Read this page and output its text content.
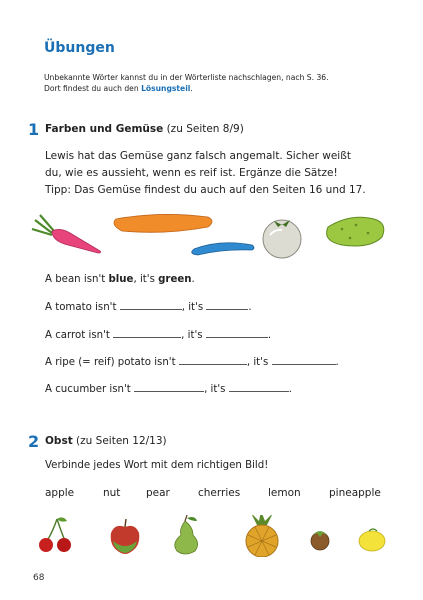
Übungen
Unbekannte Wörter kannst du in der Wörterliste nachschlagen, nach S. 36.
Dort findest du auch den Lösungsteil.
1 Farben und Gemüse (zu Seiten 8/9)
Lewis hat das Gemüse ganz falsch angemalt. Sicher weißt
du, wie es aussieht, wenn es reif ist. Ergänze die Sätze!
Tipp: Das Gemüse findest du auch auf den Seiten 16 und 17.
A bean isn't blue, it's green.
A tomato isn't	, it's	.
A carrot isn't	, it's	.
A ripe (= reif) potato isn't	, it's	.
A cucumber isn't	, it's	.
2 Obst (zu Seiten 12/13)
Verbinde jedes Wort mit dem richtigen Bild!
apple	nut pear	cherries	lemon	pineapple
68
